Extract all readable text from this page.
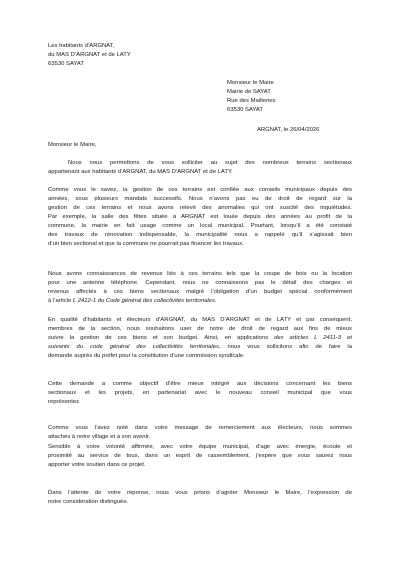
Les habitants d’ARGNAT,
du MAS D’ARGNAT et de LATY
63530 SAYAT
Monsieur le Maire
Mairie de SAYAT
Rue des Mailleries
63530 SAYAT
ARGNAT, le 26/04/2026
Monsieur le Maire,
Nous nous permettons de vous solliciter au sujet des nombreux terrains sectionaux
appartenant aux habitants d’ARGNAT, du MAS D’ARGNAT et de LATY.
Comme vous le savez, la gestion de ces terrains est confiée aux conseils municipaux depuis des
années, sous plusieurs mandats successifs. Nous n’avons pas eu de droit de regard sur la
gestion de ces terrains et nous avons relevé des anomalies qui ont suscité des inquiétudes.
Par exemple, la salle des fêtes située à ARGNAT est louée depuis des années au profit de la
commune, la mairie en fait usage comme un local municipal. Pourtant, lorsqu’il a été constaté
des travaux de rénovation indispensable, la municipalité nous a rappelé qu’il s’agissait bien
d’un bien sectional et que la commune ne pourrait pas financer les travaux.
Nous avons connaissances de revenus liés à ces terrains tels que la coupe de bois ou la location
pour une antenne téléphone. Cependant, nous ne connaissons pas le détail des charges et
revenus affectés à ces biens sectionaux malgré l’obligation d’un budget spécial conformément
à l’article L 2412-1 du Code général des collectivités territoriales.
En qualité d’habitants et électeurs d’ARGNAT, du MAS D’ARGNAT et de LATY et par conséquent,
membres de la section, nous souhaitons user de notre de droit de regard aux fins de mieux
suivre la gestion de ces biens et son budget. Ainsi, en applications des articles L 2411-3 et
suivants du code général des collectivités territoriales, nous vous sollicitons afin de faire la
demande auprès du préfet pour la constitution d’une commission syndicale.
Cette demande a comme objectif d’être mieux intégré aux décisions concernant les biens
sectionaux et les projets, en partenariat avec le nouveau conseil municipal que vous
représentez.
Comme vous l’avez noté dans votre message de remerciement aux électeurs, nous sommes
attachés à notre village et à son avenir.
Sensible à votre volonté affirmée, avec votre équipe municipal, d’agir avec énergie, écoute et
proximité au service de tous, dans un esprit de rassemblement, j’espère que vous saurez nous
apporter votre soutien dans ce projet.
Dans l’attente de votre réponse, nous vous prions d’agréer Monsieur le Maire, l’expression de
notre considération distinguée.
